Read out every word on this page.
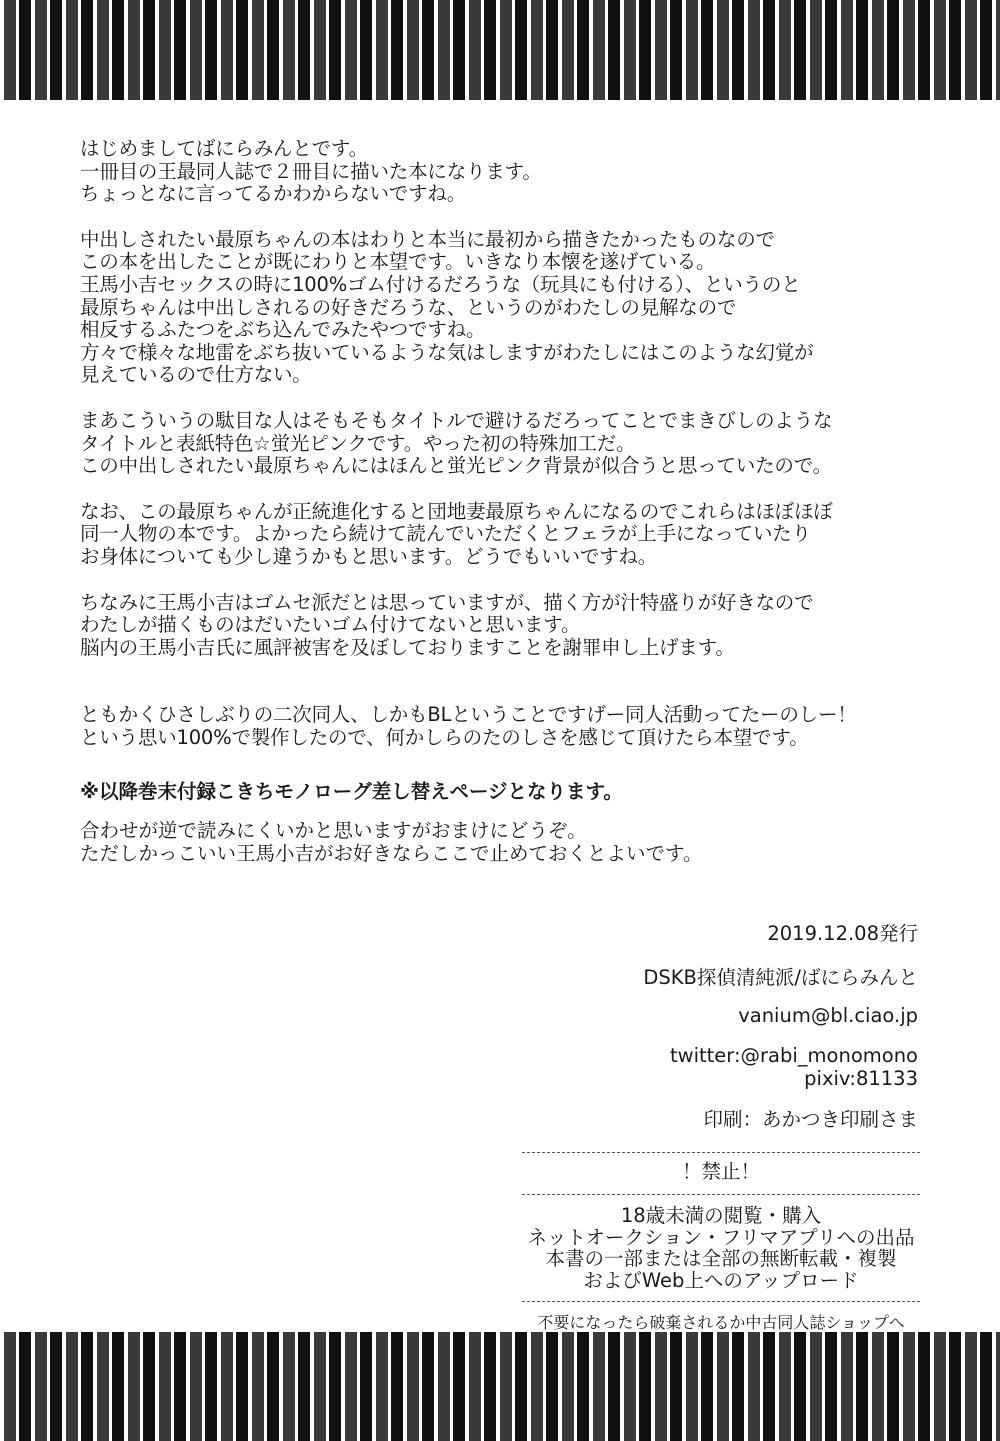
はじめましてばにらみんとです。
一冊目の王最同人誌で２冊目に描いた本になります。
ちょっとなに言ってるかわからないですね。
中出しされたい最原ちゃんの本はわりと本当に最初から描きたかったものなので
この本を出したことが既にわりと本望です。いきなり本懐を遂げている。
王馬小吉セックスの時に100%ゴム付けるだろうな（玩具にも付ける）、というのと
最原ちゃんは中出しされるの好きだろうな、というのがわたしの見解なので
相反するふたつをぶち込んでみたやつですね。
方々で様々な地雷をぶち抜いているような気はしますがわたしにはこのような幻覚が
見えているので仕方ない。
まあこういうの駄目な人はそもそもタイトルで避けるだろってことでまきびしのような
タイトルと表紙特色☆蛍光ピンクです。やった初の特殊加工だ。
この中出しされたい最原ちゃんにはほんと蛍光ピンク背景が似合うと思っていたので。
なお、この最原ちゃんが正統進化すると団地妻最原ちゃんになるのでこれらはほぼほぼ
同一人物の本です。よかったら続けて読んでいただくとフェラが上手になっていたり
お身体についても少し違うかもと思います。どうでもいいですね。
ちなみに王馬小吉はゴムセ派だとは思っていますが、描く方が汁特盛りが好きなので
わたしが描くものはだいたいゴム付けてないと思います。
脳内の王馬小吉氏に風評被害を及ぼしておりますことを謝罪申し上げます。
ともかくひさしぶりの二次同人、しかもBLということですげー同人活動ってたーのしー！
という思い100%で製作したので、何かしらのたのしさを感じて頂けたら本望です。
※以降巻末付録こきちモノローグ差し替えページとなります。
合わせが逆で読みにくいかと思いますがおまけにどうぞ。
ただしかっこいい王馬小吉がお好きならここで止めておくとよいです。
2019.12.08発行
DSKB探偵清純派/ばにらみんと
vanium@bl.ciao.jp
twitter:@rabi_monomono
pixiv:81133
印刷：あかつき印刷さま
！禁止！
18歳未満の閲覧・購入
ネットオークション・フリマアプリへの出品
本書の一部または全部の無断転載・複製
およびWeb上へのアップロード
不要になったら破棄されるか中古同人誌ショップへ
